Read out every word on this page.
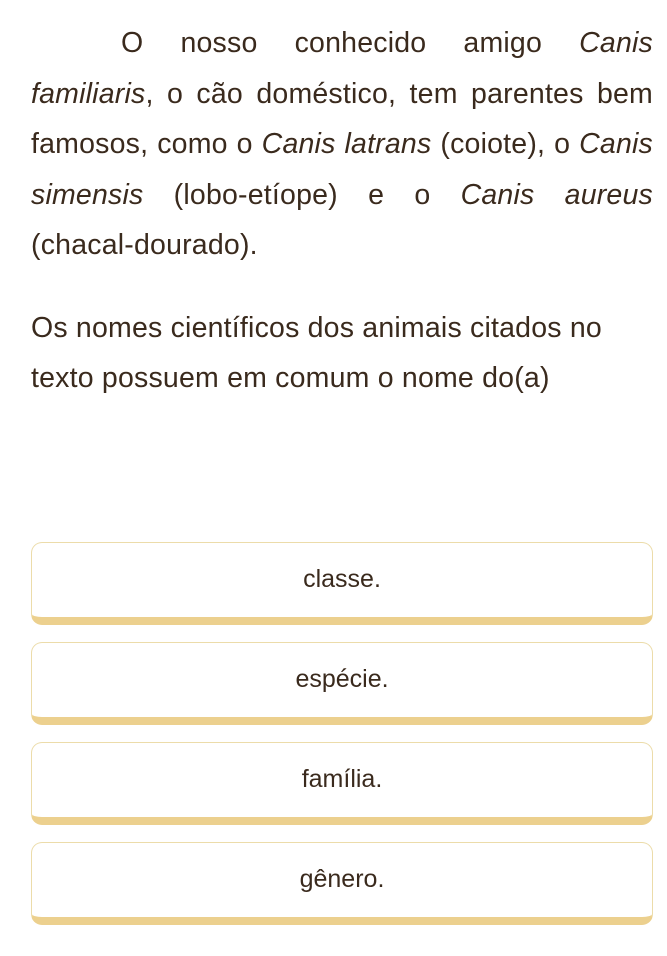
O nosso conhecido amigo Canis familiaris, o cão doméstico, tem parentes bem famosos, como o Canis latrans (coiote), o Canis simensis (lobo-etíope) e o Canis aureus (chacal-dourado).

Os nomes científicos dos animais citados no texto possuem em comum o nome do(a)

classe.
espécie.
família.
gênero.
